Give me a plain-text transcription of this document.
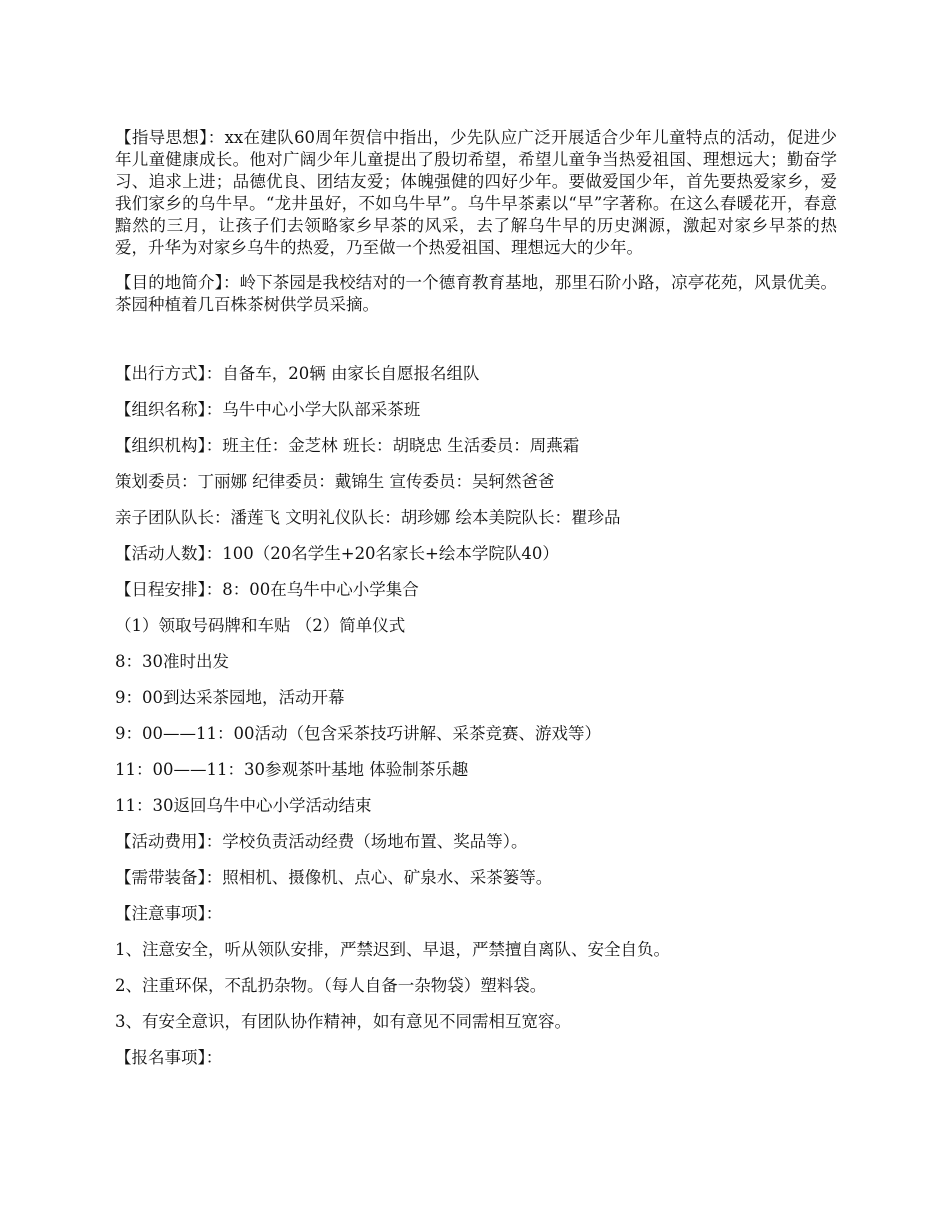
【指导思想】：xx在建队60周年贺信中指出，少先队应广泛开展适合少年儿童特点的活动，促进少年儿童健康成长。他对广阔少年儿童提出了殷切希望，希望儿童争当热爱祖国、理想远大；勤奋学习、追求上进；品德优良、团结友爱；体魄强健的四好少年。要做爱国少年，首先要热爱家乡，爱我们家乡的乌牛早。“龙井虽好，不如乌牛早”。乌牛早茶素以“早”字著称。在这么春暖花开，春意黯然的三月，让孩子们去领略家乡早茶的风采，去了解乌牛早的历史渊源，激起对家乡早茶的热爱，升华为对家乡乌牛的热爱，乃至做一个热爱祖国、理想远大的少年。

【目的地简介】：岭下茶园是我校结对的一个德育教育基地，那里石阶小路，凉亭花苑，风景优美。茶园种植着几百株茶树供学员采摘。

【出行方式】：自备车，20辆 由家长自愿报名组队

【组织名称】：乌牛中心小学大队部采茶班

【组织机构】：班主任：金芝林 班长：胡晓忠 生活委员：周燕霜

策划委员：丁丽娜 纪律委员：戴锦生 宣传委员：吴轲然爸爸

亲子团队队长：潘莲飞 文明礼仪队长：胡珍娜 绘本美院队长：瞿珍品

【活动人数】：100（20名学生+20名家长+绘本学院队40）

【日程安排】：8：00在乌牛中心小学集合

（1）领取号码牌和车贴 （2）简单仪式

8：30准时出发

9：00到达采茶园地，活动开幕

9：00——11：00活动（包含采茶技巧讲解、采茶竞赛、游戏等）

11：00——11：30参观茶叶基地 体验制茶乐趣

11：30返回乌牛中心小学活动结束

【活动费用】：学校负责活动经费（场地布置、奖品等）。

【需带装备】：照相机、摄像机、点心、矿泉水、采茶篓等。

【注意事项】：

1、注意安全，听从领队安排，严禁迟到、早退，严禁擅自离队、安全自负。

2、注重环保，不乱扔杂物。（每人自备一杂物袋）塑料袋。

3、有安全意识，有团队协作精神，如有意见不同需相互宽容。

【报名事项】：
